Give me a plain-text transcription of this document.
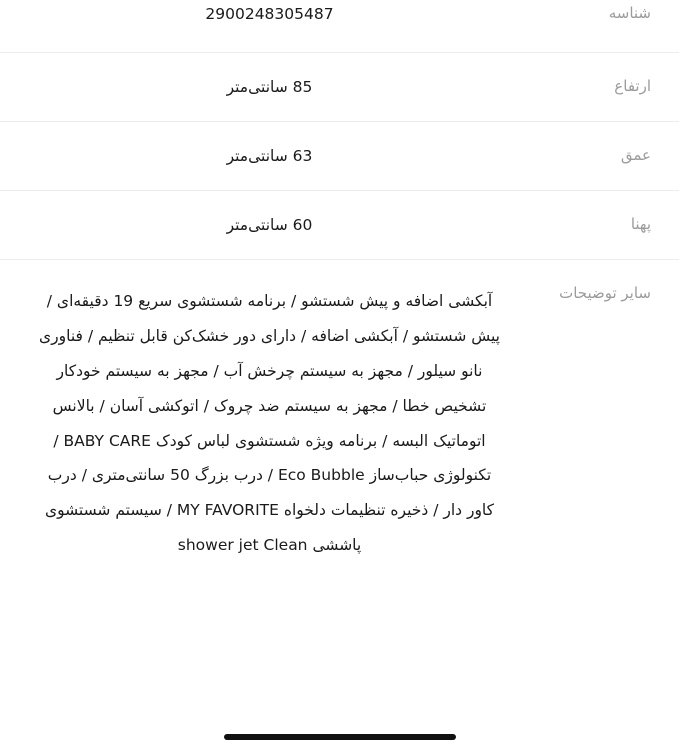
شناسه
2900248305487
ارتفاع
85 سانتی‌متر
عمق
63 سانتی‌متر
پهنا
60 سانتی‌متر
سایر توضیحات
آبکشی اضافه و پیش شستشو / برنامه شستشوی سریع 19 دقیقه‌ای / پیش شستشو / آبکشی اضافه / دارای دور خشک‌کن قابل تنظیم / فناوری نانو سیلور / مجهز به سیستم چرخش آب / مجهز به سیستم خودکار تشخیص خطا / مجهز به سیستم ضد چروک / اتوکشی آسان / بالانس اتوماتیک البسه / برنامه ویژه شستشوی لباس کودک BABY CARE / تکنولوژی حباب‌ساز Eco Bubble / درب بزرگ 50 سانتی‌متری / درب کاور دار / ذخیره تنظیمات دلخواه MY FAVORITE / سیستم شستشوی پاششی shower jet Clean
